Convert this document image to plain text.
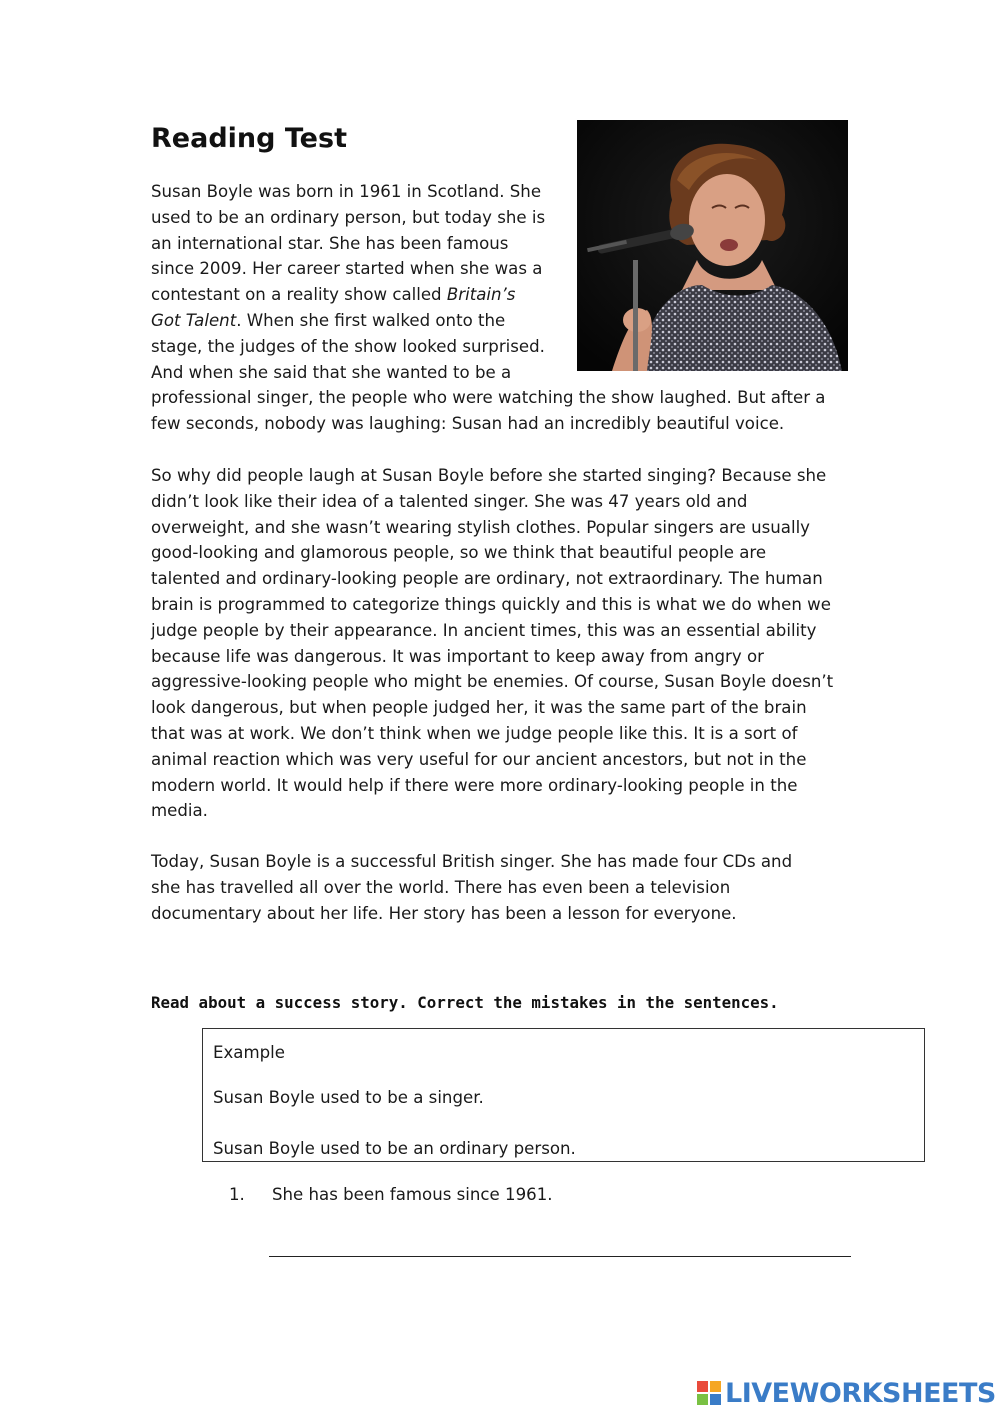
Reading Test
Susan Boyle was born in 1961 in Scotland. She
used to be an ordinary person, but today she is
an international star. She has been famous
since 2009. Her career started when she was a
contestant on a reality show called Britain’s
Got Talent. When she first walked onto the
stage, the judges of the show looked surprised.
And when she said that she wanted to be a
professional singer, the people who were watching the show laughed. But after a
few seconds, nobody was laughing: Susan had an incredibly beautiful voice.
So why did people laugh at Susan Boyle before she started singing? Because she
didn’t look like their idea of a talented singer. She was 47 years old and
overweight, and she wasn’t wearing stylish clothes. Popular singers are usually
good-looking and glamorous people, so we think that beautiful people are
talented and ordinary-looking people are ordinary, not extraordinary. The human
brain is programmed to categorize things quickly and this is what we do when we
judge people by their appearance. In ancient times, this was an essential ability
because life was dangerous. It was important to keep away from angry or
aggressive-looking people who might be enemies. Of course, Susan Boyle doesn’t
look dangerous, but when people judged her, it was the same part of the brain
that was at work. We don’t think when we judge people like this. It is a sort of
animal reaction which was very useful for our ancient ancestors, but not in the
modern world. It would help if there were more ordinary-looking people in the
media.
Today, Susan Boyle is a successful British singer. She has made four CDs and
she has travelled all over the world. There has even been a television
documentary about her life. Her story has been a lesson for everyone.
Read about a success story. Correct the mistakes in the sentences.
Example
Susan Boyle used to be a singer.
Susan Boyle used to be an ordinary person.
1. She has been famous since 1961.
LIVEWORKSHEETS
